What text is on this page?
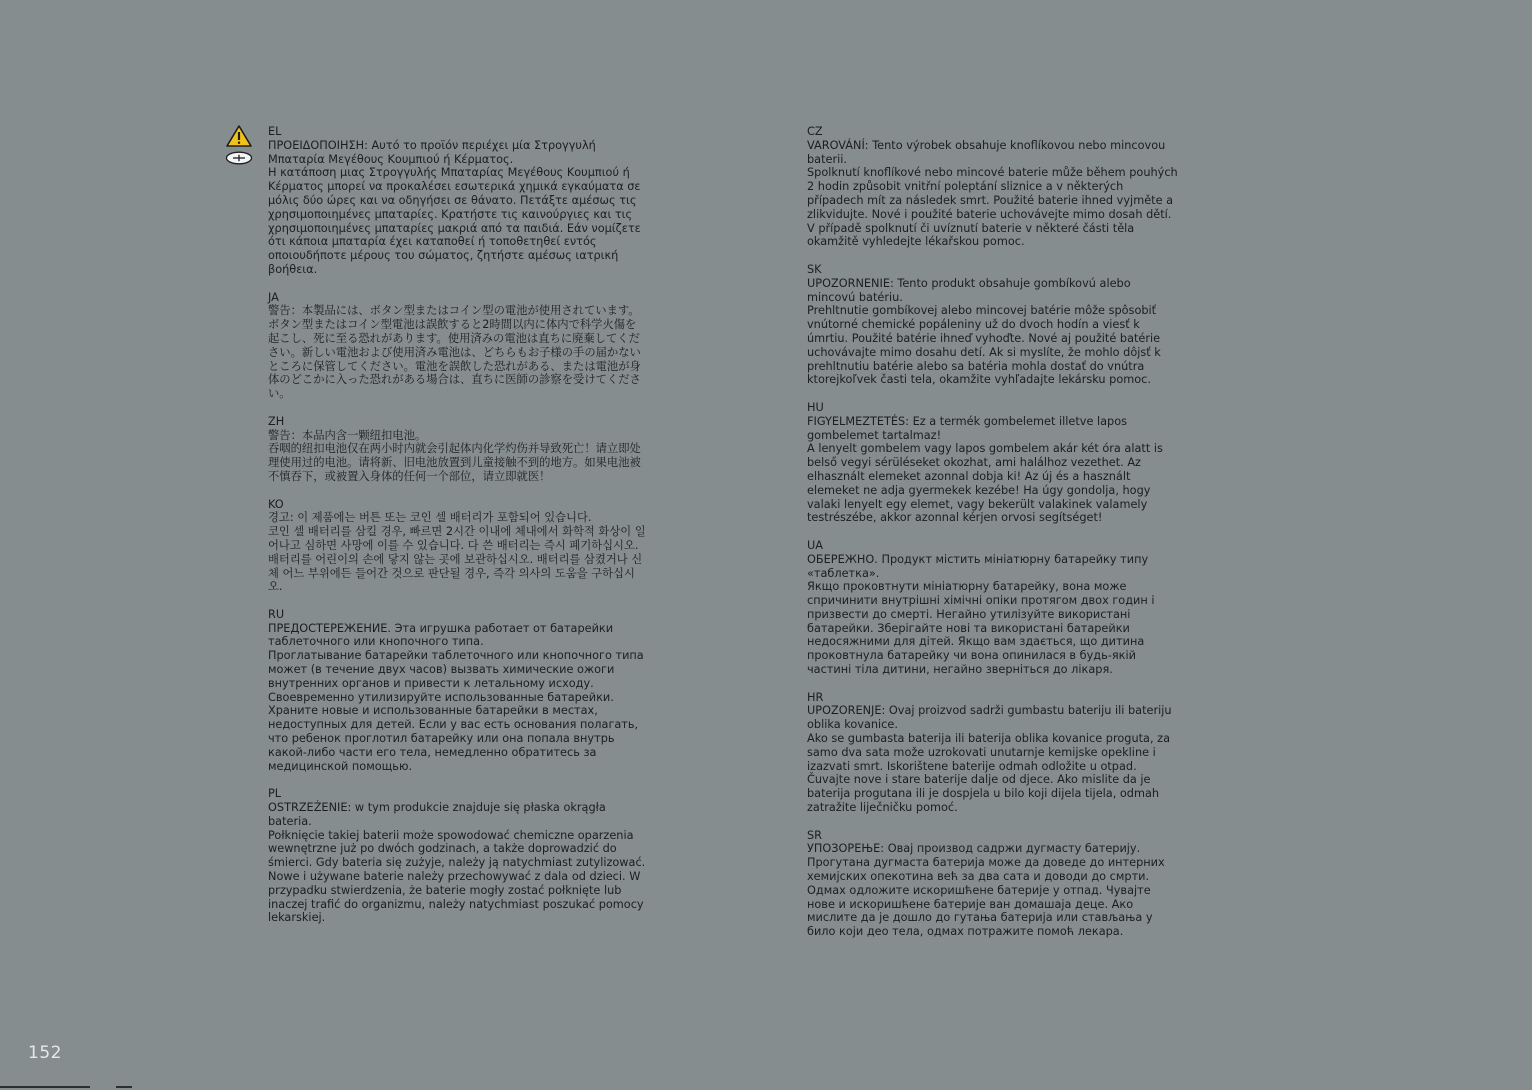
EL
ΠΡΟΕΙΔΟΠΟΙΗΣΗ: Αυτό το προϊόν περιέχει μία Στρογγυλή Μπαταρία Μεγέθους Κουμπιού ή Κέρματος.
Η κατάποση μιας Στρογγυλής Μπαταρίας Μεγέθους Κουμπιού ή Κέρματος μπορεί να προκαλέσει εσωτερικά χημικά εγκαύματα σε μόλις δύο ώρες και να οδηγήσει σε θάνατο. Πετάξτε αμέσως τις χρησιμοποιημένες μπαταρίες. Κρατήστε τις καινούργιες και τις χρησιμοποιημένες μπαταρίες μακριά από τα παιδιά. Εάν νομίζετε ότι κάποια μπαταρία έχει καταποθεί ή τοποθετηθεί εντός οποιουδήποτε μέρους του σώματος, ζητήστε αμέσως ιατρική βοήθεια.
JA
警告：本製品には、ボタン型またはコイン型の電池が使用されています。
ボタン型またはコイン型電池は誤飲すると2時間以内に体内で科学火傷を起こし、死に至る恐れがあります。使用済みの電池は直ちに廃棄してください。新しい電池および使用済み電池は、どちらもお子様の手の届かないところに保管してください。電池を誤飲した恐れがある、または電池が身体のどこかに入った恐れがある場合は、直ちに医師の診察を受けてください。
ZH
警告：本品内含一颗纽扣电池。
吞咽的纽扣电池仅在两小时内就会引起体内化学灼伤并导致死亡！请立即处理使用过的电池。请将新、旧电池放置到儿童接触不到的地方。如果电池被不慎吞下，或被置入身体的任何一个部位，请立即就医！
KO
경고: 이 제품에는 버튼 또는 코인 셀 배터리가 포함되어 있습니다.
코인 셀 배터리를 삼킬 경우, 빠르면 2시간 이내에 체내에서 화학적 화상이 일어나고 심하면 사망에 이를 수 있습니다. 다 쓴 배터리는 즉시 폐기하십시오. 배터리를 어린이의 손에 닿지 않는 곳에 보관하십시오. 배터리를 삼켰거나 신체 어느 부위에든 들어간 것으로 판단될 경우, 즉각 의사의 도움을 구하십시오.
RU
ПРЕДОСТЕРЕЖЕНИЕ. Эта игрушка работает от батарейки таблеточного или кнопочного типа.
Проглатывание батарейки таблеточного или кнопочного типа может (в течение двух часов) вызвать химические ожоги внутренних органов и привести к летальному исходу. Своевременно утилизируйте использованные батарейки. Храните новые и использованные батарейки в местах, недоступных для детей. Если у вас есть основания полагать, что ребенок проглотил батарейку или она попала внутрь какой-либо части его тела, немедленно обратитесь за медицинской помощью.
PL
OSTRZEŻENIE: w tym produkcie znajduje się płaska okrągła bateria.
Połknięcie takiej baterii może spowodować chemiczne oparzenia wewnętrzne już po dwóch godzinach, a także doprowadzić do śmierci. Gdy bateria się zużyje, należy ją natychmiast zutylizować. Nowe i używane baterie należy przechowywać z dala od dzieci. W przypadku stwierdzenia, że baterie mogły zostać połknięte lub inaczej trafić do organizmu, należy natychmiast poszukać pomocy lekarskiej.
CZ
VAROVÁNÍ: Tento výrobek obsahuje knoflíkovou nebo mincovou baterii.
Spolknutí knoflíkové nebo mincové baterie může během pouhých 2 hodin způsobit vnitřní poleptání sliznice a v některých případech mít za následek smrt. Použité baterie ihned vyjměte a zlikvidujte. Nové i použité baterie uchovávejte mimo dosah dětí. V případě spolknutí či uvíznutí baterie v některé části těla okamžitě vyhledejte lékařskou pomoc.
SK
UPOZORNENIE: Tento produkt obsahuje gombíkovú alebo mincovú batériu.
Prehltnutie gombíkovej alebo mincovej batérie môže spôsobiť vnútorné chemické popáleniny už do dvoch hodín a viesť k úmrtiu. Použité batérie ihneď vyhoďte. Nové aj použité batérie uchovávajte mimo dosahu detí. Ak si myslíte, že mohlo dôjsť k prehltnutiu batérie alebo sa batéria mohla dostať do vnútra ktorejkoľvek časti tela, okamžite vyhľadajte lekársku pomoc.
HU
FIGYELMEZTETÉS: Ez a termék gombelemet illetve lapos gombelemet tartalmaz!
A lenyelt gombelem vagy lapos gombelem akár két óra alatt is belső vegyi sérüléseket okozhat, ami halálhoz vezethet. Az elhasznált elemeket azonnal dobja ki! Az új és a használt elemeket ne adja gyermekek kezébe! Ha úgy gondolja, hogy valaki lenyelt egy elemet, vagy bekerült valakinek valamely testrészébe, akkor azonnal kérjen orvosi segítséget!
UA
ОБЕРЕЖНО. Продукт містить мініатюрну батарейку типу «таблетка».
Якщо проковтнути мініатюрну батарейку, вона може спричинити внутрішні хімічні опіки протягом двох годин і призвести до смерті. Негайно утилізуйте використані батарейки. Зберігайте нові та використані батарейки недосяжними для дітей. Якщо вам здається, що дитина проковтнула батарейку чи вона опинилася в будь-якій частині тіла дитини, негайно зверніться до лікаря.
HR
UPOZORENJE: Ovaj proizvod sadrži gumbastu bateriju ili bateriju oblika kovanice.
Ako se gumbasta baterija ili baterija oblika kovanice proguta, za samo dva sata može uzrokovati unutarnje kemijske opekline i izazvati smrt. Iskorištene baterije odmah odložite u otpad. Čuvajte nove i stare baterije dalje od djece. Ako mislite da je baterija progutana ili je dospjela u bilo koji dijela tijela, odmah zatražite liječničku pomoć.
SR
УПОЗОРЕЊЕ: Овај производ садржи дугмасту батерију.
Прогутана дугмаста батерија може да доведе до интерних хемијских опекотина већ за два сата и доводи до смрти. Одмах одложите искоришћене батерије у отпад. Чувајте нове и искоришћене батерије ван домашаја деце. Ако мислите да је дошло до гутања батерија или стављања у било који део тела, одмах потражите помоћ лекара.
152
